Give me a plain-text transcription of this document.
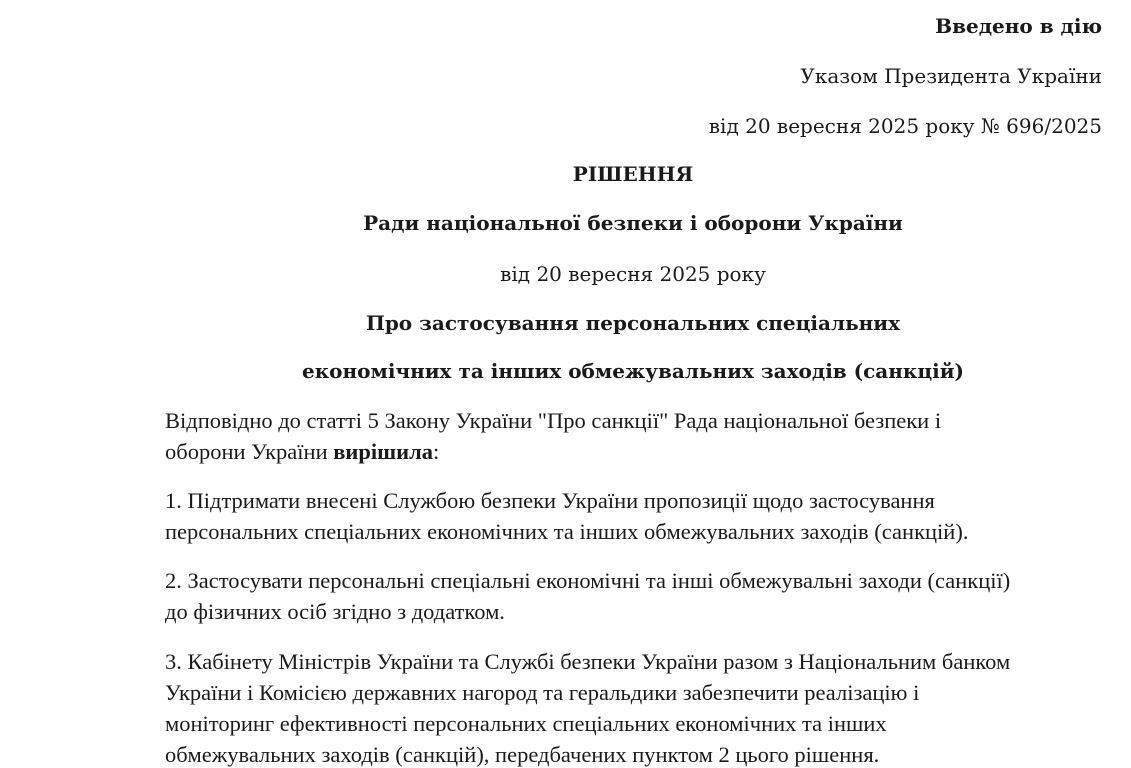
Введено в дію
Указом Президента України
від 20 вересня 2025 року № 696/2025
РІШЕННЯ
Ради національної безпеки і оборони України
від 20 вересня 2025 року
Про застосування персональних спеціальних
економічних та інших обмежувальних заходів (санкцій)
Відповідно до статті 5 Закону України "Про санкції" Рада національної безпеки і
оборони України вирішила:
1. Підтримати внесені Службою безпеки України пропозиції щодо застосування
персональних спеціальних економічних та інших обмежувальних заходів (санкцій).
2. Застосувати персональні спеціальні економічні та інші обмежувальні заходи (санкції)
до фізичних осіб згідно з додатком.
3. Кабінету Міністрів України та Службі безпеки України разом з Національним банком
України і Комісією державних нагород та геральдики забезпечити реалізацію і
моніторинг ефективності персональних спеціальних економічних та інших
обмежувальних заходів (санкцій), передбачених пунктом 2 цього рішення.
